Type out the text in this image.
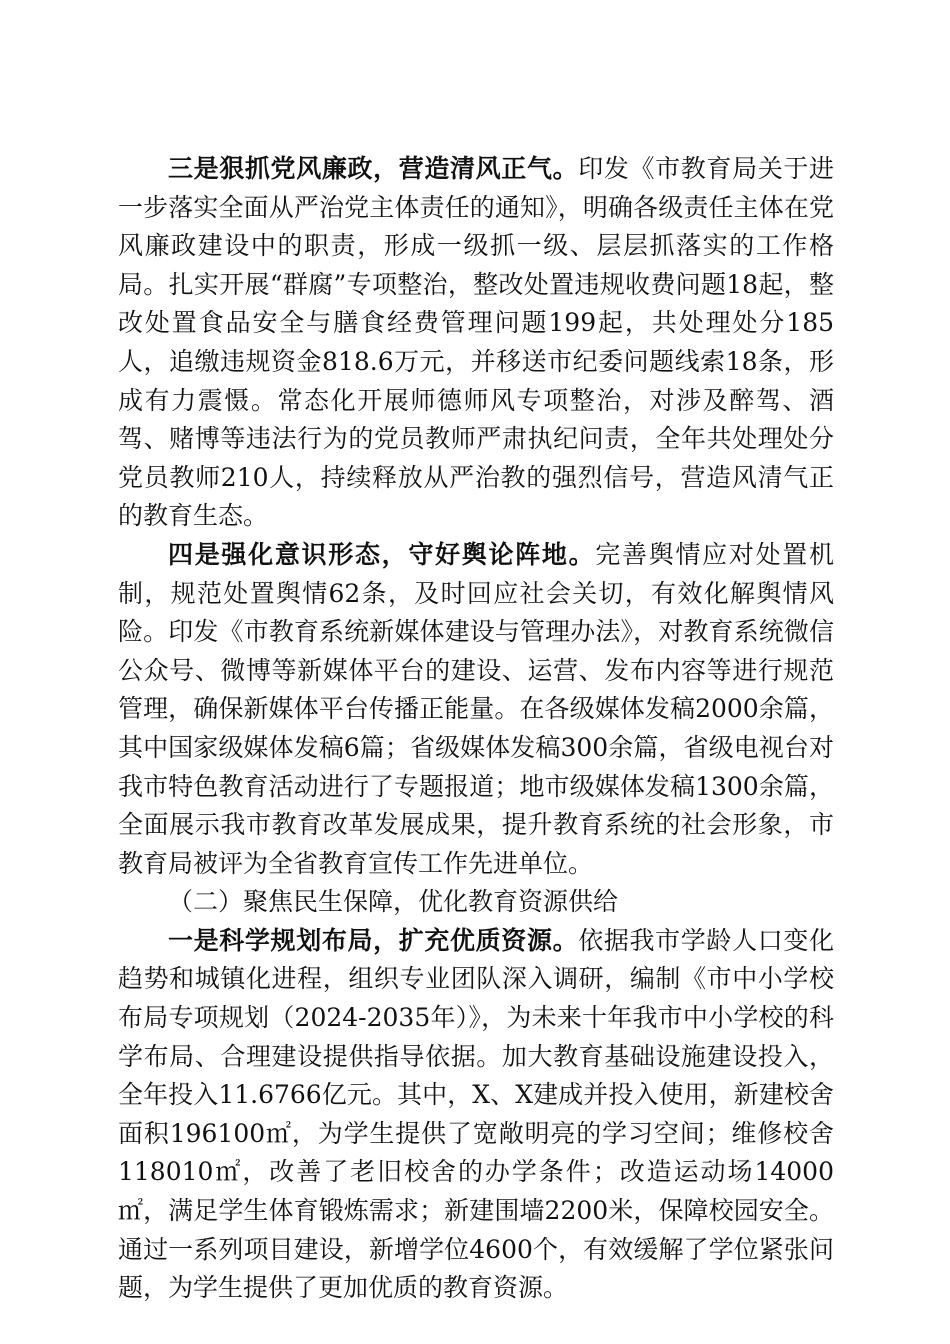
三是狠抓党风廉政，营造清风正气。印发《市教育局关于进一步落实全面从严治党主体责任的通知》，明确各级责任主体在党风廉政建设中的职责，形成一级抓一级、层层抓落实的工作格局。扎实开展“群腐”专项整治，整改处置违规收费问题18起，整改处置食品安全与膳食经费管理问题199起，共处理处分185人，追缴违规资金818.6万元，并移送市纪委问题线索18条，形成有力震慑。常态化开展师德师风专项整治，对涉及醉驾、酒驾、赌博等违法行为的党员教师严肃执纪问责，全年共处理处分党员教师210人，持续释放从严治教的强烈信号，营造风清气正的教育生态。

四是强化意识形态，守好舆论阵地。完善舆情应对处置机制，规范处置舆情62条，及时回应社会关切，有效化解舆情风险。印发《市教育系统新媒体建设与管理办法》，对教育系统微信公众号、微博等新媒体平台的建设、运营、发布内容等进行规范管理，确保新媒体平台传播正能量。在各级媒体发稿2000余篇，其中国家级媒体发稿6篇；省级媒体发稿300余篇，省级电视台对我市特色教育活动进行了专题报道；地市级媒体发稿1300余篇，全面展示我市教育改革发展成果，提升教育系统的社会形象，市教育局被评为全省教育宣传工作先进单位。

（二）聚焦民生保障，优化教育资源供给

一是科学规划布局，扩充优质资源。依据我市学龄人口变化趋势和城镇化进程，组织专业团队深入调研，编制《市中小学校布局专项规划（2024-2035年）》，为未来十年我市中小学校的科学布局、合理建设提供指导依据。加大教育基础设施建设投入，全年投入11.6766亿元。其中，X、X建成并投入使用，新建校舍面积196100㎡，为学生提供了宽敞明亮的学习空间；维修校舍118010㎡，改善了老旧校舍的办学条件；改造运动场14000㎡，满足学生体育锻炼需求；新建围墙2200米，保障校园安全。通过一系列项目建设，新增学位4600个，有效缓解了学位紧张问题，为学生提供了更加优质的教育资源。
